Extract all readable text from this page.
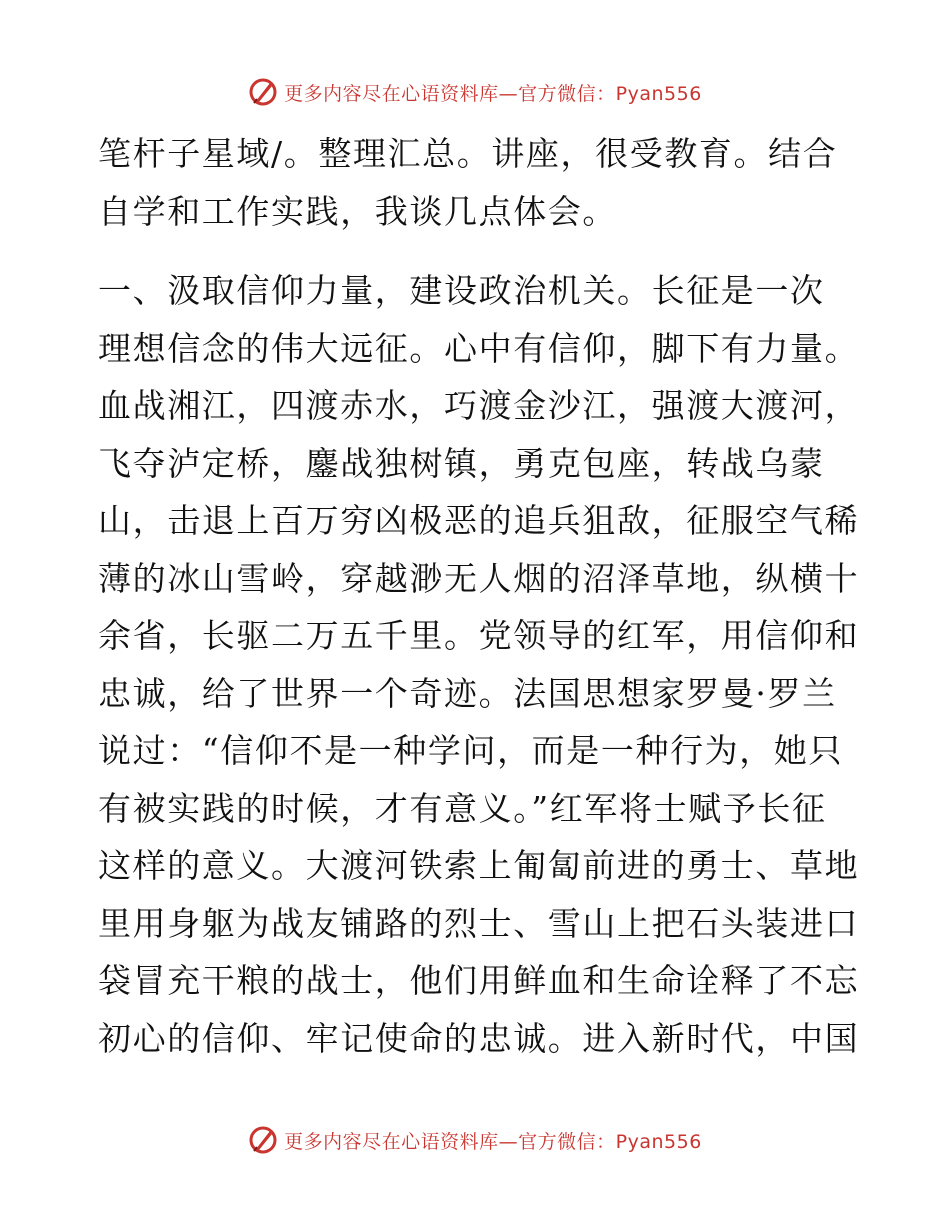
更多内容尽在心语资料库—官方微信：Pyan556

笔杆子星域/。整理汇总。讲座，很受教育。结合
自学和工作实践，我谈几点体会。

一、汲取信仰力量，建设政治机关。长征是一次
理想信念的伟大远征。心中有信仰，脚下有力量。
血战湘江，四渡赤水，巧渡金沙江，强渡大渡河，
飞夺泸定桥，鏖战独树镇，勇克包座，转战乌蒙
山，击退上百万穷凶极恶的追兵狙敌，征服空气稀
薄的冰山雪岭，穿越渺无人烟的沼泽草地，纵横十
余省，长驱二万五千里。党领导的红军，用信仰和
忠诚，给了世界一个奇迹。法国思想家罗曼·罗兰
说过：“信仰不是一种学问，而是一种行为，她只
有被实践的时候，才有意义。”红军将士赋予长征
这样的意义。大渡河铁索上匍匐前进的勇士、草地
里用身躯为战友铺路的烈士、雪山上把石头装进口
袋冒充干粮的战士，他们用鲜血和生命诠释了不忘
初心的信仰、牢记使命的忠诚。进入新时代，中国

更多内容尽在心语资料库—官方微信：Pyan556
